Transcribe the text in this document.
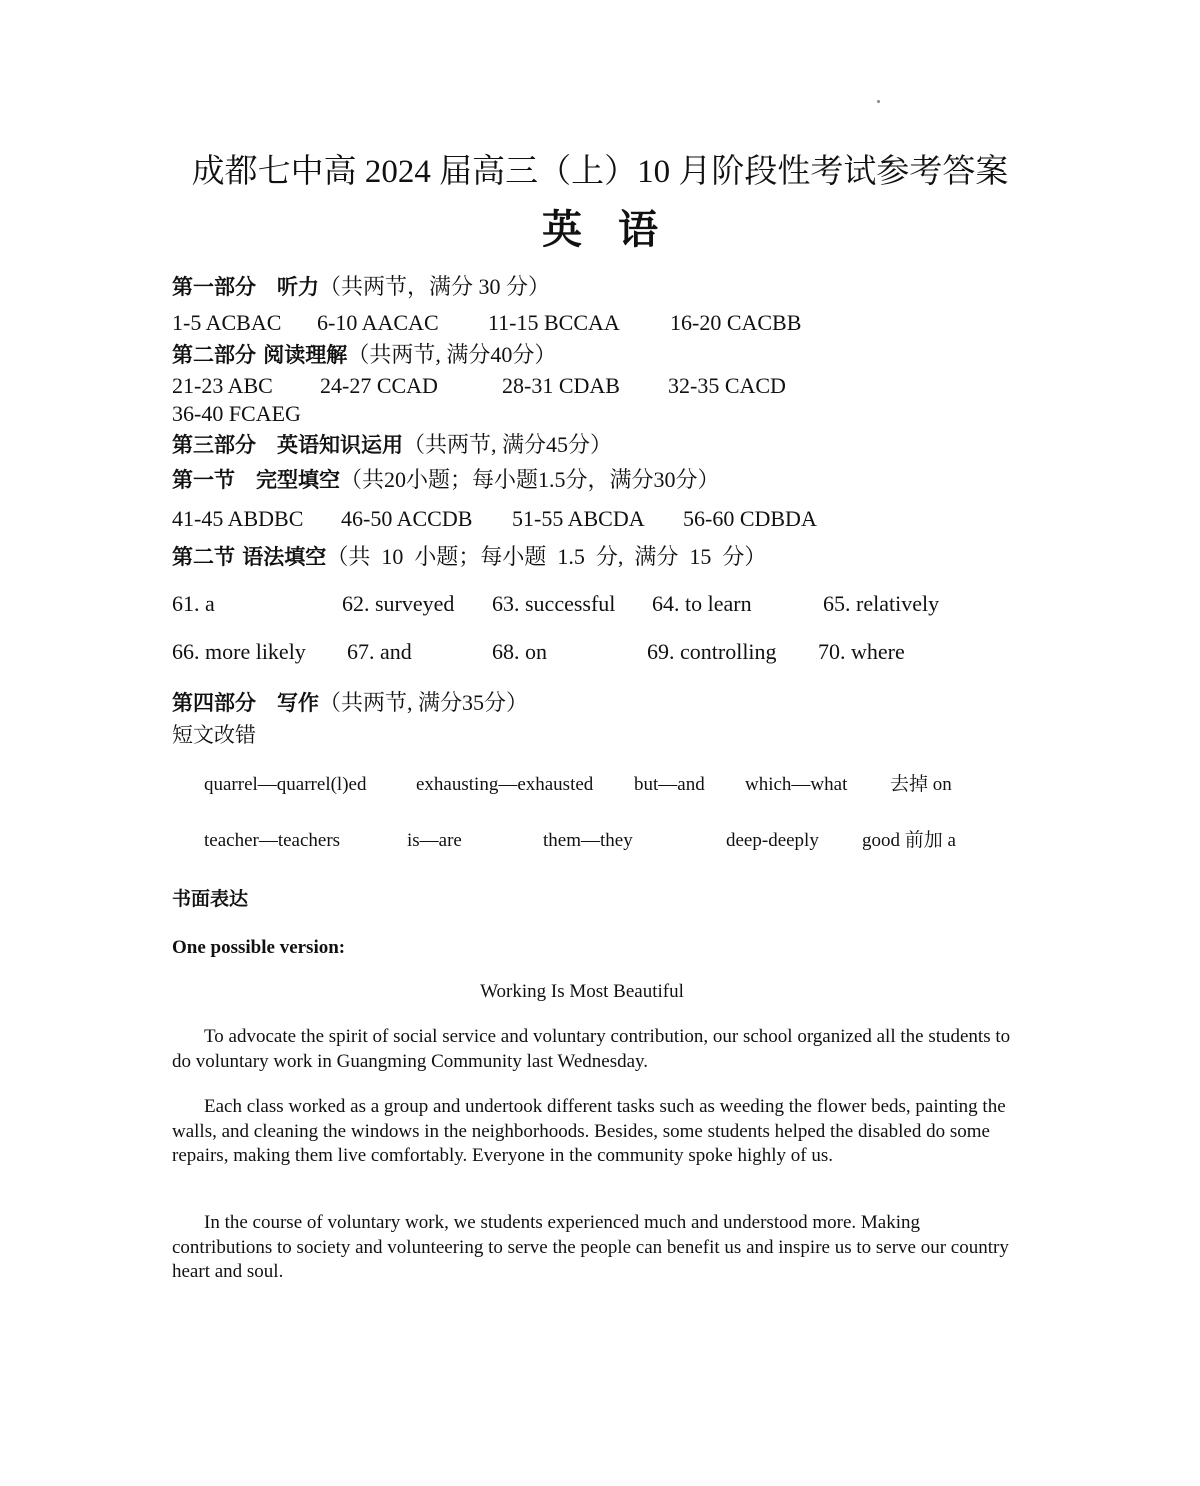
成都七中高 2024 届高三（上）10 月阶段性考试参考答案
英语
第一部分　听力（共两节，满分 30 分）
1-5 ACBAC 6-10 AACAC 11-15 BCCAA 16-20 CACBB
第二部分 阅读理解（共两节, 满分40分）
21-23 ABC 24-27 CCAD	28-31 CDAB 32-35 CACD
36-40 FCAEG
第三部分　英语知识运用（共两节, 满分45分）
第一节　完型填空（共20小题；每小题1.5分，满分30分）
41-45 ABDBC 46-50 ACCDB 51-55 ABCDA 56-60 CDBDA
第二节 语法填空（共  10  小题；每小题  1.5  分,  满分  15  分）
61. a	62. surveyed 63. successful 64. to learn	65. relatively
66. more likely 67. and	68. on	69. controlling 70. where
第四部分　写作（共两节, 满分35分）
短文改错
quarrel—quarrel(l)ed	exhausting—exhausted but—and which—what 去掉 on
teacher—teachers	is—are	them—they	deep-deeply good 前加 a
书面表达
One possible version:
Working Is Most Beautiful

To advocate the spirit of social service and voluntary contribution, our school organized all the students to do voluntary work in Guangming Community last Wednesday.

Each class worked as a group and undertook different tasks such as weeding the flower beds, painting the walls, and cleaning the windows in the neighborhoods. Besides, some students helped the disabled do some repairs, making them live comfortably. Everyone in the community spoke highly of us.

In the course of voluntary work, we students experienced much and understood more. Making contributions to society and volunteering to serve the people can benefit us and inspire us to serve our country heart and soul.
